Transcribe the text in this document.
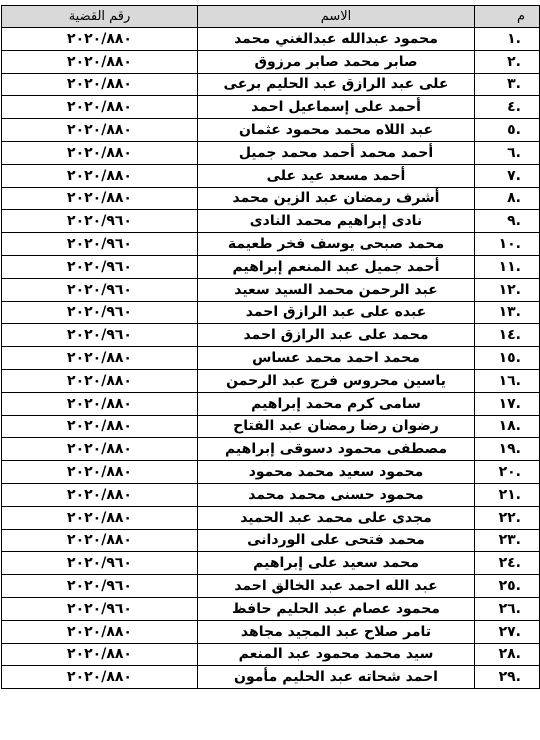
م	الاسم	رقم القضية
.١	محمود عبدالله عبدالغني محمد	٢٠٢٠/٨٨٠
.٢	صابر محمد صابر مرزوق	٢٠٢٠/٨٨٠
.٣	على عبد الرازق عبد الحليم برعى	٢٠٢٠/٨٨٠
.٤	أحمد على إسماعيل احمد	٢٠٢٠/٨٨٠
.٥	عبد اللاه محمد محمود عثمان	٢٠٢٠/٨٨٠
.٦	أحمد محمد أحمد محمد جميل	٢٠٢٠/٨٨٠
.٧	أحمد مسعد عيد على	٢٠٢٠/٨٨٠
.٨	أشرف رمضان عبد الزين محمد	٢٠٢٠/٨٨٠
.٩	نادى إبراهيم محمد النادى	٢٠٢٠/٩٦٠
.١٠	محمد صبحى يوسف فخر طعيمة	٢٠٢٠/٩٦٠
.١١	أحمد جميل عبد المنعم إبراهيم	٢٠٢٠/٩٦٠
.١٢	عبد الرحمن محمد السيد سعيد	٢٠٢٠/٩٦٠
.١٣	عبده على عبد الرازق احمد	٢٠٢٠/٩٦٠
.١٤	محمد على عبد الرازق احمد	٢٠٢٠/٩٦٠
.١٥	محمد احمد محمد عساس	٢٠٢٠/٨٨٠
.١٦	ياسين محروس فرج عبد الرحمن	٢٠٢٠/٨٨٠
.١٧	سامى كرم محمد إبراهيم	٢٠٢٠/٨٨٠
.١٨	رضوان رضا رمضان عبد الفتاح	٢٠٢٠/٨٨٠
.١٩	مصطفى محمود دسوقى إبراهيم	٢٠٢٠/٨٨٠
.٢٠	محمود سعيد محمد محمود	٢٠٢٠/٨٨٠
.٢١	محمود حسنى محمد محمد	٢٠٢٠/٨٨٠
.٢٢	مجدى على محمد عبد الحميد	٢٠٢٠/٨٨٠
.٢٣	محمد فتحى على الوردانى	٢٠٢٠/٨٨٠
.٢٤	محمد سعيد على إبراهيم	٢٠٢٠/٩٦٠
.٢٥	عبد الله احمد عبد الخالق احمد	٢٠٢٠/٩٦٠
.٢٦	محمود عصام عبد الحليم حافظ	٢٠٢٠/٩٦٠
.٢٧	تامر صلاح عبد المجيد مجاهد	٢٠٢٠/٨٨٠
.٢٨	سيد محمد محمود عبد المنعم	٢٠٢٠/٨٨٠
.٢٩	احمد شحاته عبد الحليم مأمون	٢٠٢٠/٨٨٠
